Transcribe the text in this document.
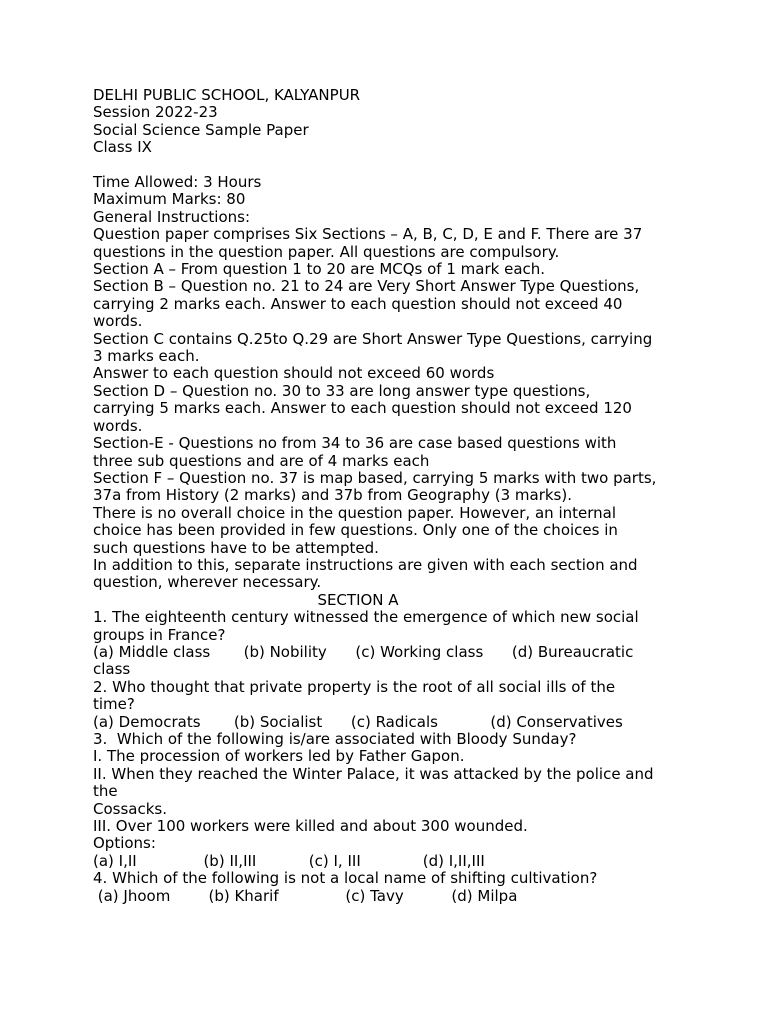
DELHI PUBLIC SCHOOL, KALYANPUR
Session 2022-23
Social Science Sample Paper
Class IX
Time Allowed: 3 Hours
Maximum Marks: 80
General Instructions:
Question paper comprises Six Sections – A, B, C, D, E and F. There are 37
questions in the question paper. All questions are compulsory.
Section A – From question 1 to 20 are MCQs of 1 mark each.
Section B – Question no. 21 to 24 are Very Short Answer Type Questions,
carrying 2 marks each. Answer to each question should not exceed 40
words.
Section C contains Q.25to Q.29 are Short Answer Type Questions, carrying
3 marks each.
Answer to each question should not exceed 60 words
Section D – Question no. 30 to 33 are long answer type questions,
carrying 5 marks each. Answer to each question should not exceed 120
words.
Section-E - Questions no from 34 to 36 are case based questions with
three sub questions and are of 4 marks each
Section F – Question no. 37 is map based, carrying 5 marks with two parts,
37a from History (2 marks) and 37b from Geography (3 marks).
There is no overall choice in the question paper. However, an internal
choice has been provided in few questions. Only one of the choices in
such questions have to be attempted.
In addition to this, separate instructions are given with each section and
question, wherever necessary.
SECTION A
1. The eighteenth century witnessed the emergence of which new social
groups in France?
(a) Middle class       (b) Nobility      (c) Working class      (d) Bureaucratic
class
2. Who thought that private property is the root of all social ills of the
time?
(a) Democrats       (b) Socialist      (c) Radicals           (d) Conservatives
3.  Which of the following is/are associated with Bloody Sunday?
I. The procession of workers led by Father Gapon.
II. When they reached the Winter Palace, it was attacked by the police and
the
Cossacks.
III. Over 100 workers were killed and about 300 wounded.
Options:
(a) I,II              (b) II,III           (c) I, III             (d) I,II,III
4. Which of the following is not a local name of shifting cultivation?
(a) Jhoom        (b) Kharif              (c) Tavy          (d) Milpa
